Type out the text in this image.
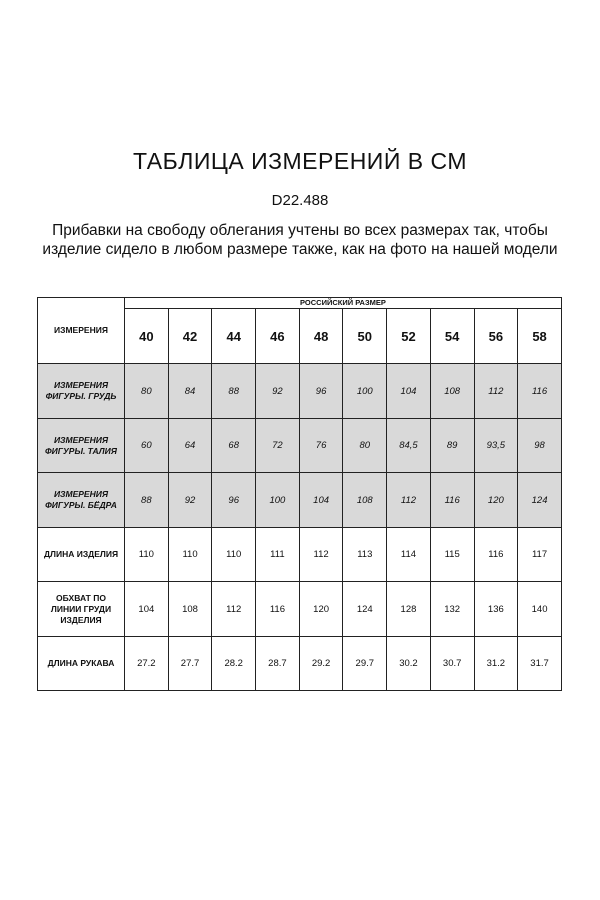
ТАБЛИЦА ИЗМЕРЕНИЙ В СМ
D22.488
Прибавки на свободу облегания учтены во всех размерах так, чтобы
изделие сидело в любом размере также, как на фото на нашей модели
ИЗМЕРЕНИЯ	РОССИЙСКИЙ РАЗМЕР									
	40	42	44	46	48	50	52	54	56	58
ИЗМЕРЕНИЯ
ФИГУРЫ. ГРУДЬ	80	84	88	92	96	100	104	108	112	116
ИЗМЕРЕНИЯ
ФИГУРЫ. ТАЛИЯ	60	64	68	72	76	80	84,5	89	93,5	98
ИЗМЕРЕНИЯ
ФИГУРЫ. БЁДРА	88	92	96	100	104	108	112	116	120	124
ДЛИНА ИЗДЕЛИЯ	110	110	110	111	112	113	114	115	116	117
ОБХВАТ ПО
ЛИНИИ ГРУДИ
ИЗДЕЛИЯ	104	108	112	116	120	124	128	132	136	140
ДЛИНА РУКАВА	27.2	27.7	28.2	28.7	29.2	29.7	30.2	30.7	31.2	31.7
